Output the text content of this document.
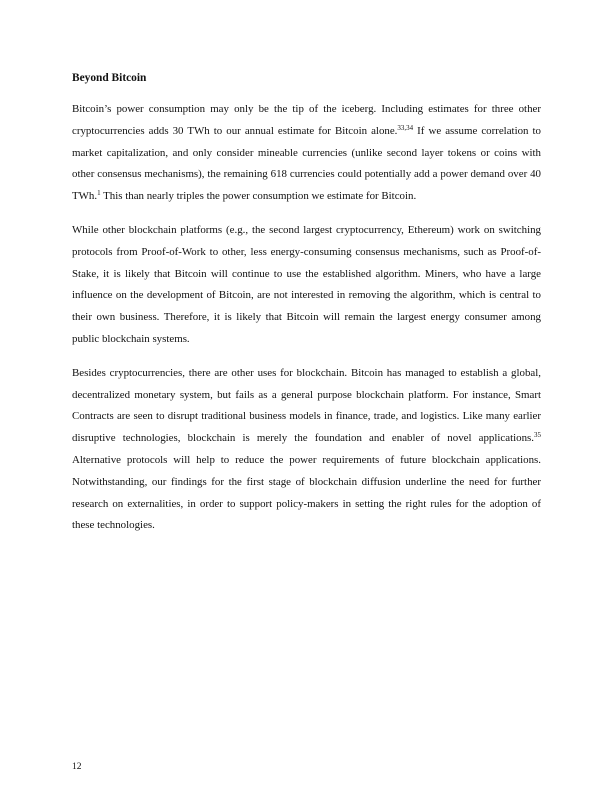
Beyond Bitcoin

Bitcoin’s power consumption may only be the tip of the iceberg. Including estimates for three other cryptocurrencies adds 30 TWh to our annual estimate for Bitcoin alone.$^{33,34}$ If we assume correlation to market capitalization, and only consider mineable currencies (unlike second layer tokens or coins with other consensus mechanisms), the remaining 618 currencies could potentially add a power demand over 40 TWh.$^1$ This than nearly triples the power consumption we estimate for Bitcoin.

While other blockchain platforms (e.g., the second largest cryptocurrency, Ethereum) work on switching protocols from Proof-of-Work to other, less energy-consuming consensus mechanisms, such as Proof-of-Stake, it is likely that Bitcoin will continue to use the established algorithm. Miners, who have a large influence on the development of Bitcoin, are not interested in removing the algorithm, which is central to their own business. Therefore, it is likely that Bitcoin will remain the largest energy consumer among public blockchain systems.

Besides cryptocurrencies, there are other uses for blockchain. Bitcoin has managed to establish a global, decentralized monetary system, but fails as a general purpose blockchain platform. For instance, Smart Contracts are seen to disrupt traditional business models in finance, trade, and logistics. Like many earlier disruptive technologies, blockchain is merely the foundation and enabler of novel applications.$^{35}$ Alternative protocols will help to reduce the power requirements of future blockchain applications. Notwithstanding, our findings for the first stage of blockchain diffusion underline the need for further research on externalities, in order to support policy-makers in setting the right rules for the adoption of these technologies.

12
